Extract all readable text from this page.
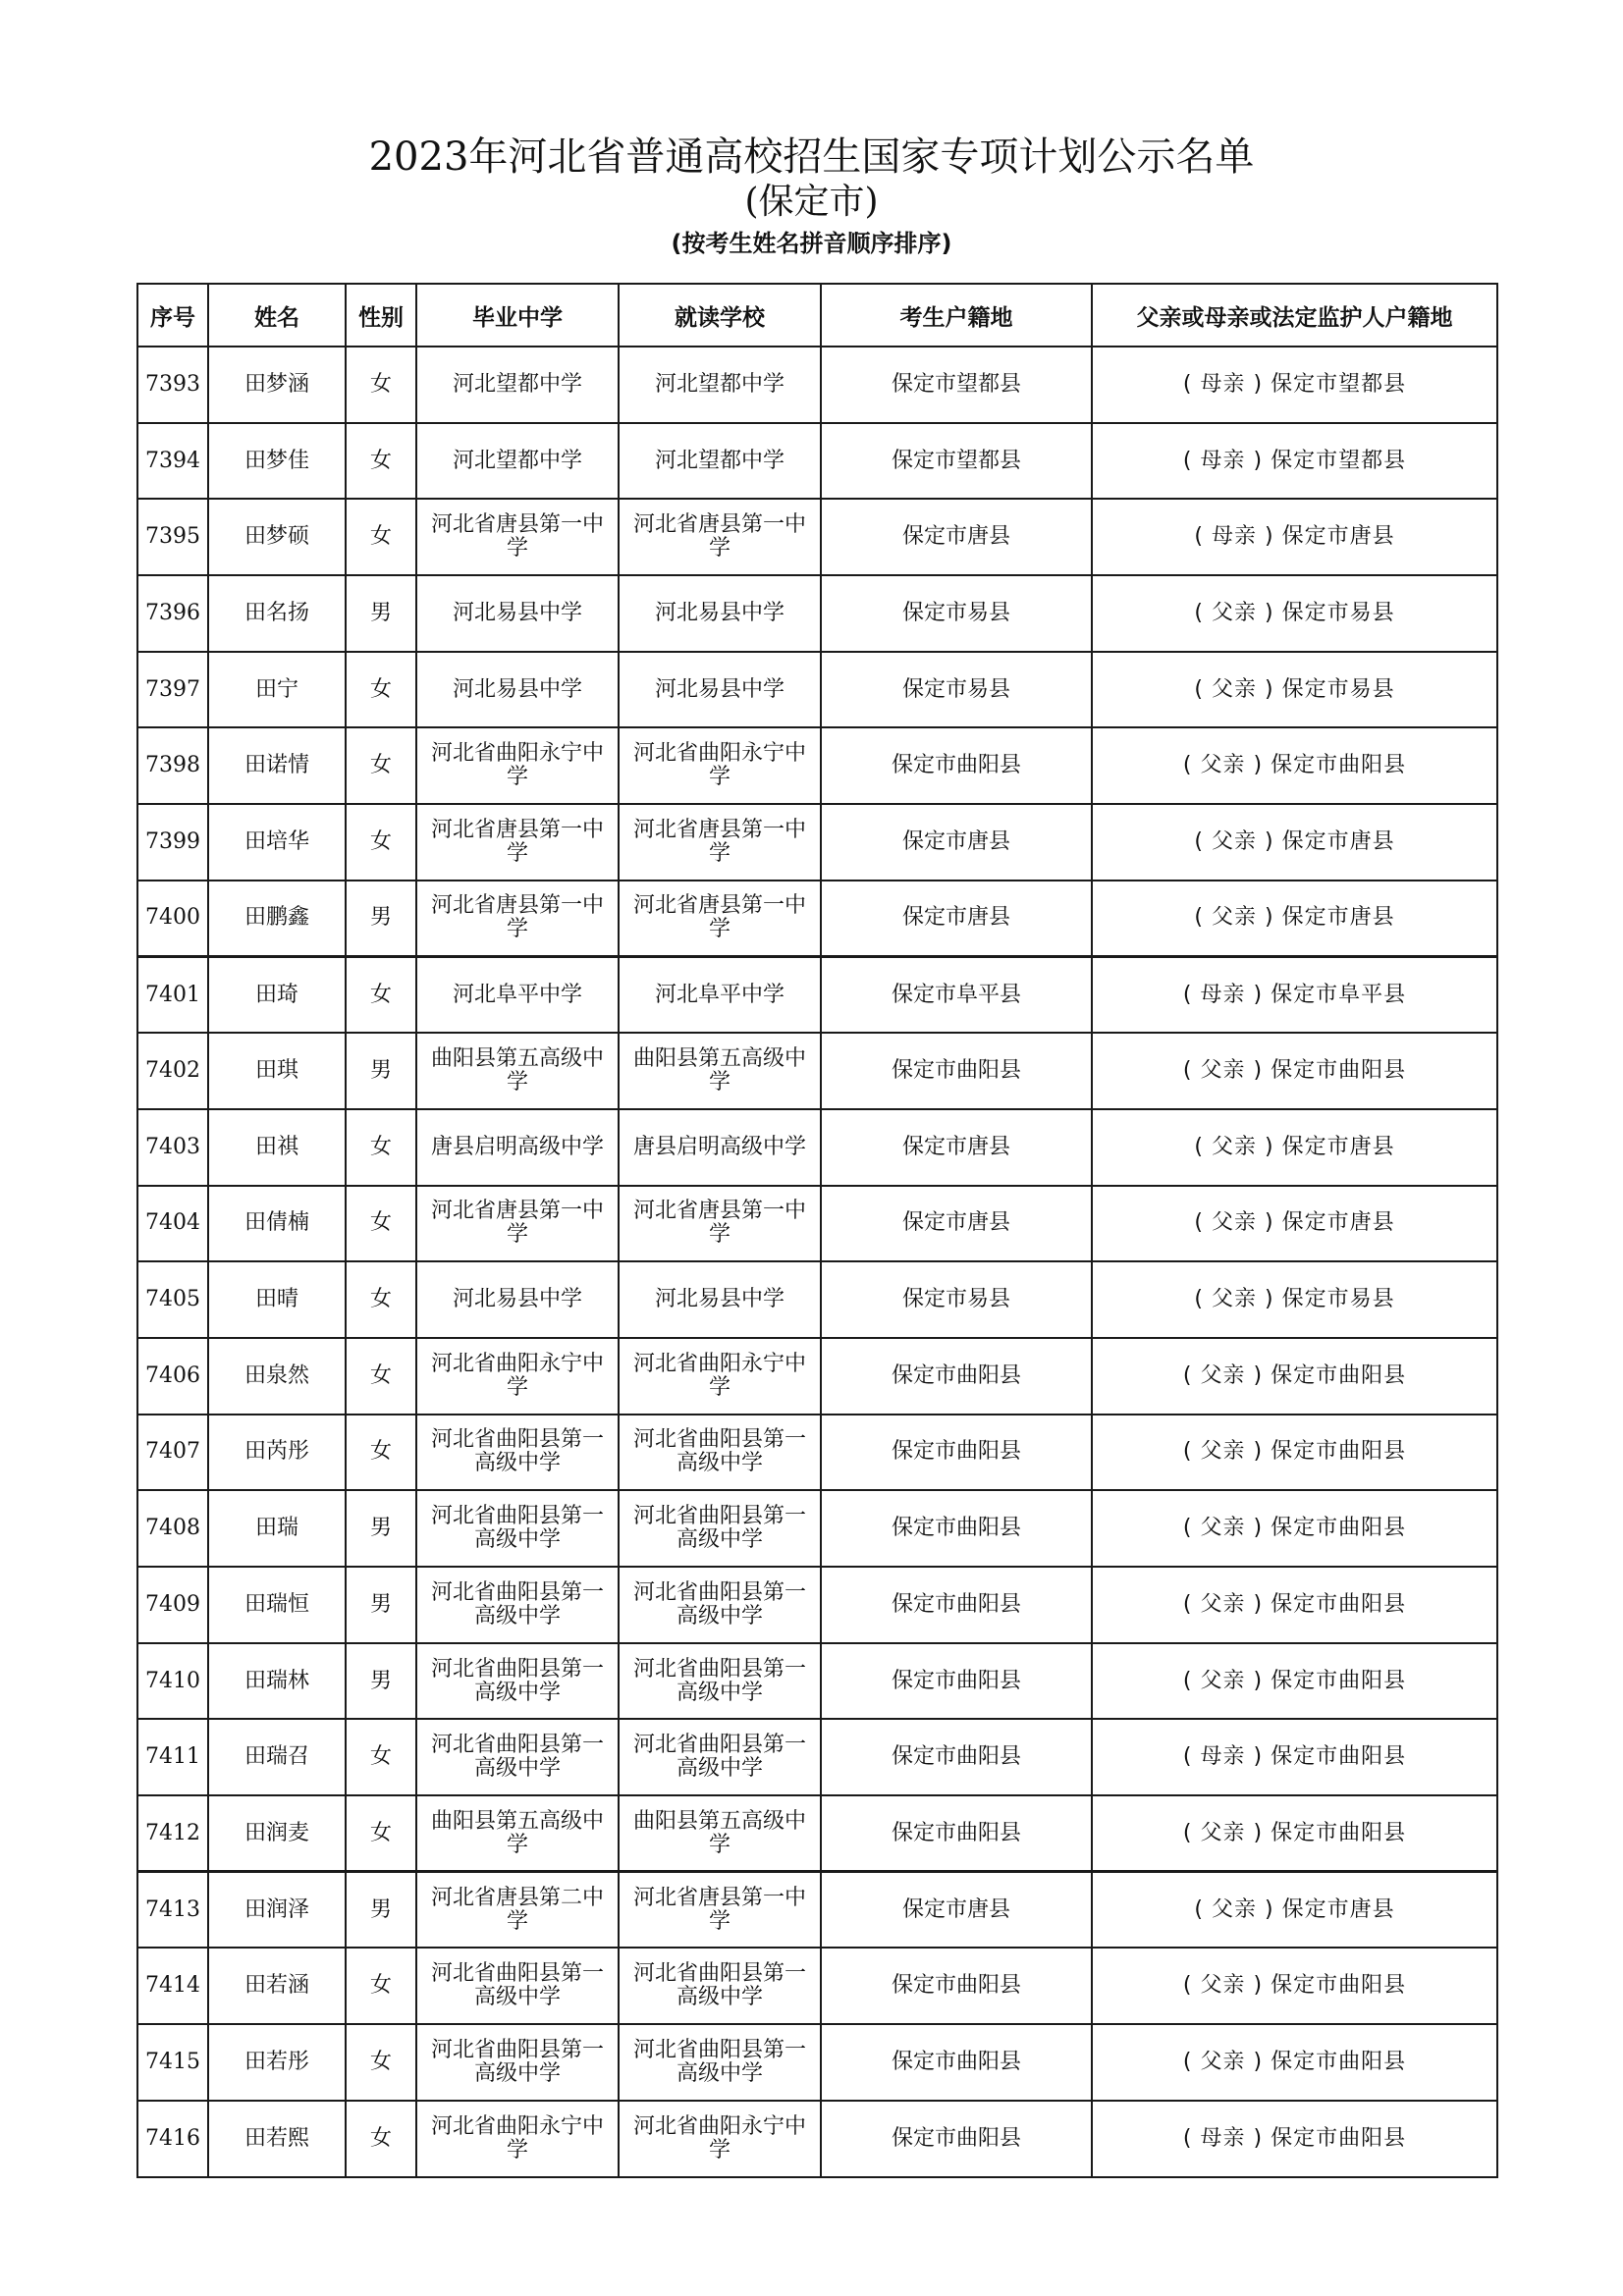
2023年河北省普通高校招生国家专项计划公示名单
(保定市)
(按考生姓名拼音顺序排序)
序号	姓名	性别	毕业中学	就读学校	考生户籍地	父亲或母亲或法定监护人户籍地
7393	田梦涵	女	河北望都中学	河北望都中学	保定市望都县	( 母亲 ) 保定市望都县
7394	田梦佳	女	河北望都中学	河北望都中学	保定市望都县	( 母亲 ) 保定市望都县
7395	田梦硕	女	河北省唐县第一中学	河北省唐县第一中学	保定市唐县	( 母亲 ) 保定市唐县
7396	田名扬	男	河北易县中学	河北易县中学	保定市易县	( 父亲 ) 保定市易县
7397	田宁	女	河北易县中学	河北易县中学	保定市易县	( 父亲 ) 保定市易县
7398	田诺情	女	河北省曲阳永宁中学	河北省曲阳永宁中学	保定市曲阳县	( 父亲 ) 保定市曲阳县
7399	田培华	女	河北省唐县第一中学	河北省唐县第一中学	保定市唐县	( 父亲 ) 保定市唐县
7400	田鹏鑫	男	河北省唐县第一中学	河北省唐县第一中学	保定市唐县	( 父亲 ) 保定市唐县
7401	田琦	女	河北阜平中学	河北阜平中学	保定市阜平县	( 母亲 ) 保定市阜平县
7402	田琪	男	曲阳县第五高级中学	曲阳县第五高级中学	保定市曲阳县	( 父亲 ) 保定市曲阳县
7403	田祺	女	唐县启明高级中学	唐县启明高级中学	保定市唐县	( 父亲 ) 保定市唐县
7404	田倩楠	女	河北省唐县第一中学	河北省唐县第一中学	保定市唐县	( 父亲 ) 保定市唐县
7405	田晴	女	河北易县中学	河北易县中学	保定市易县	( 父亲 ) 保定市易县
7406	田泉然	女	河北省曲阳永宁中学	河北省曲阳永宁中学	保定市曲阳县	( 父亲 ) 保定市曲阳县
7407	田芮彤	女	河北省曲阳县第一高级中学	河北省曲阳县第一高级中学	保定市曲阳县	( 父亲 ) 保定市曲阳县
7408	田瑞	男	河北省曲阳县第一高级中学	河北省曲阳县第一高级中学	保定市曲阳县	( 父亲 ) 保定市曲阳县
7409	田瑞恒	男	河北省曲阳县第一高级中学	河北省曲阳县第一高级中学	保定市曲阳县	( 父亲 ) 保定市曲阳县
7410	田瑞林	男	河北省曲阳县第一高级中学	河北省曲阳县第一高级中学	保定市曲阳县	( 父亲 ) 保定市曲阳县
7411	田瑞召	女	河北省曲阳县第一高级中学	河北省曲阳县第一高级中学	保定市曲阳县	( 母亲 ) 保定市曲阳县
7412	田润麦	女	曲阳县第五高级中学	曲阳县第五高级中学	保定市曲阳县	( 父亲 ) 保定市曲阳县
7413	田润泽	男	河北省唐县第二中学	河北省唐县第一中学	保定市唐县	( 父亲 ) 保定市唐县
7414	田若涵	女	河北省曲阳县第一高级中学	河北省曲阳县第一高级中学	保定市曲阳县	( 父亲 ) 保定市曲阳县
7415	田若彤	女	河北省曲阳县第一高级中学	河北省曲阳县第一高级中学	保定市曲阳县	( 父亲 ) 保定市曲阳县
7416	田若熙	女	河北省曲阳永宁中学	河北省曲阳永宁中学	保定市曲阳县	( 母亲 ) 保定市曲阳县
